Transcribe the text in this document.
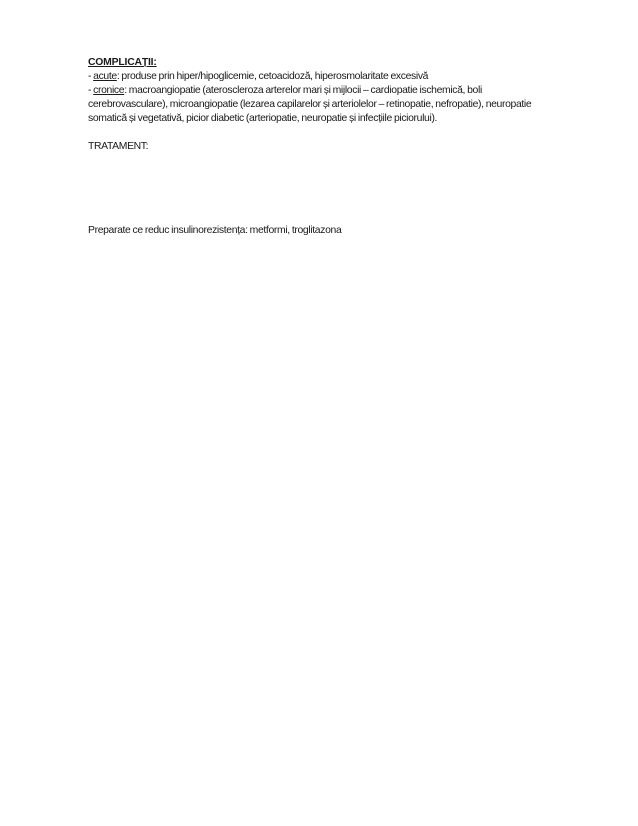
COMPLICAȚII:
- acute: produse prin hiper/hipoglicemie, cetoacidoză, hiperosmolaritate excesivă
- cronice: macroangiopatie (ateroscleroza arterelor mari și mijlocii – cardiopatie ischemică, boli
cerebrovasculare), microangiopatie (lezarea capilarelor și arteriolelor – retinopatie, nefropatie), neuropatie
somatică și vegetativă, picior diabetic (arteriopatie, neuropatie și infecțiile piciorului).
TRATAMENT:
Preparate ce reduc insulinorezistența: metformi, troglitazona
